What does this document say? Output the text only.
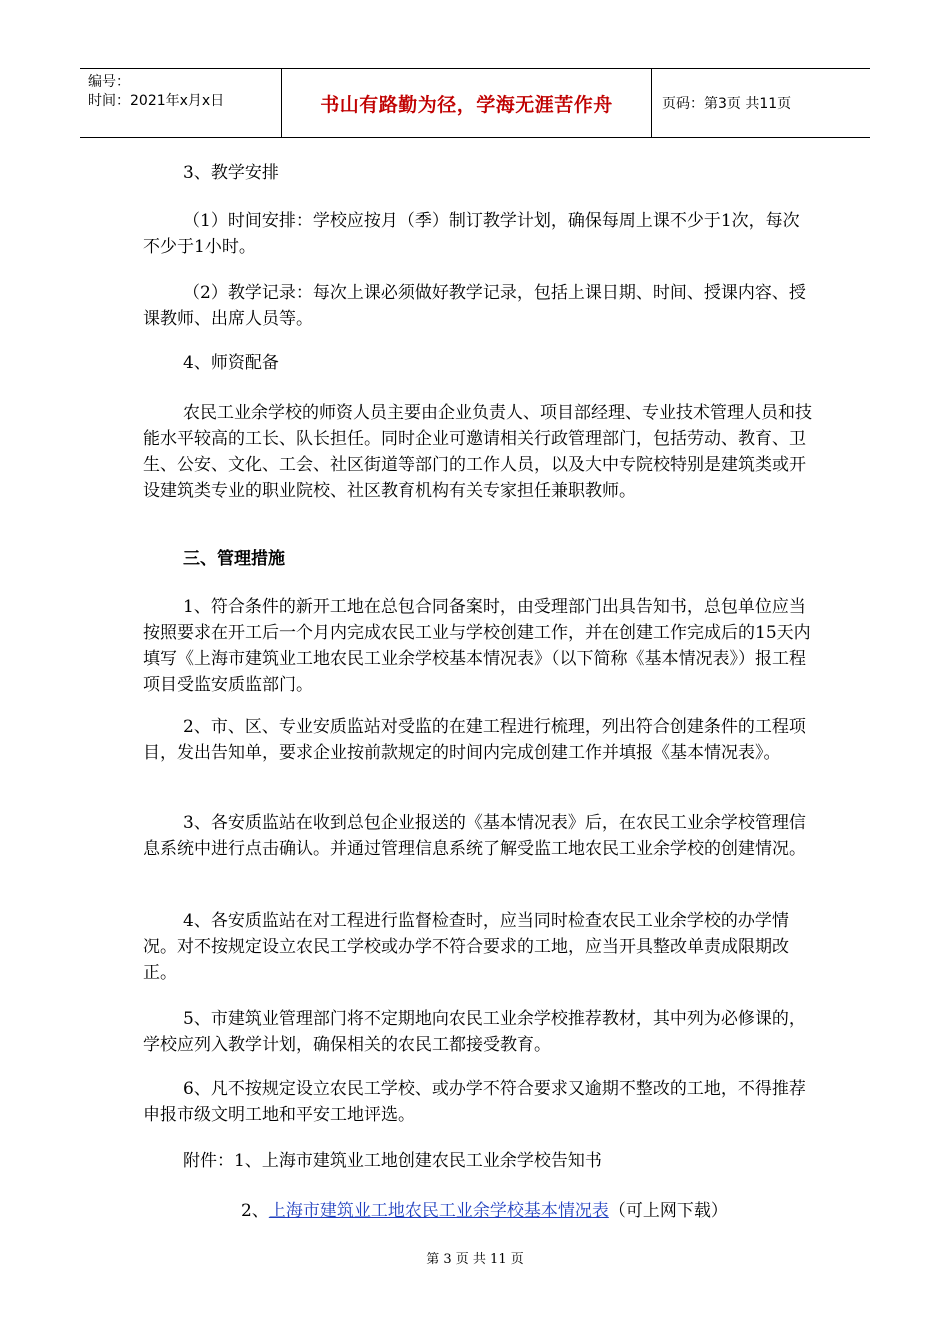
编号：
时间：2021年x月x日	书山有路勤为径，学海无涯苦作舟	页码：第3页 共11页

3、教学安排

（1）时间安排：学校应按月（季）制订教学计划，确保每周上课不少于1次，每次不少于1小时。

（2）教学记录：每次上课必须做好教学记录，包括上课日期、时间、授课内容、授课教师、出席人员等。

4、师资配备

农民工业余学校的师资人员主要由企业负责人、项目部经理、专业技术管理人员和技能水平较高的工长、队长担任。同时企业可邀请相关行政管理部门，包括劳动、教育、卫生、公安、文化、工会、社区街道等部门的工作人员，以及大中专院校特别是建筑类或开设建筑类专业的职业院校、社区教育机构有关专家担任兼职教师。

三、管理措施

1、符合条件的新开工地在总包合同备案时，由受理部门出具告知书，总包单位应当按照要求在开工后一个月内完成农民工业与学校创建工作，并在创建工作完成后的15天内填写《上海市建筑业工地农民工业余学校基本情况表》（以下简称《基本情况表》）报工程项目受监安质监部门。

2、市、区、专业安质监站对受监的在建工程进行梳理，列出符合创建条件的工程项目，发出告知单，要求企业按前款规定的时间内完成创建工作并填报《基本情况表》。

3、各安质监站在收到总包企业报送的《基本情况表》后，在农民工业余学校管理信息系统中进行点击确认。并通过管理信息系统了解受监工地农民工业余学校的创建情况。

4、各安质监站在对工程进行监督检查时，应当同时检查农民工业余学校的办学情况。对不按规定设立农民工学校或办学不符合要求的工地，应当开具整改单责成限期改正。

5、市建筑业管理部门将不定期地向农民工业余学校推荐教材，其中列为必修课的，学校应列入教学计划，确保相关的农民工都接受教育。

6、凡不按规定设立农民工学校、或办学不符合要求又逾期不整改的工地，不得推荐申报市级文明工地和平安工地评选。

附件：1、上海市建筑业工地创建农民工业余学校告知书

2、上海市建筑业工地农民工业余学校基本情况表（可上网下载）

第 3 页 共 11 页
